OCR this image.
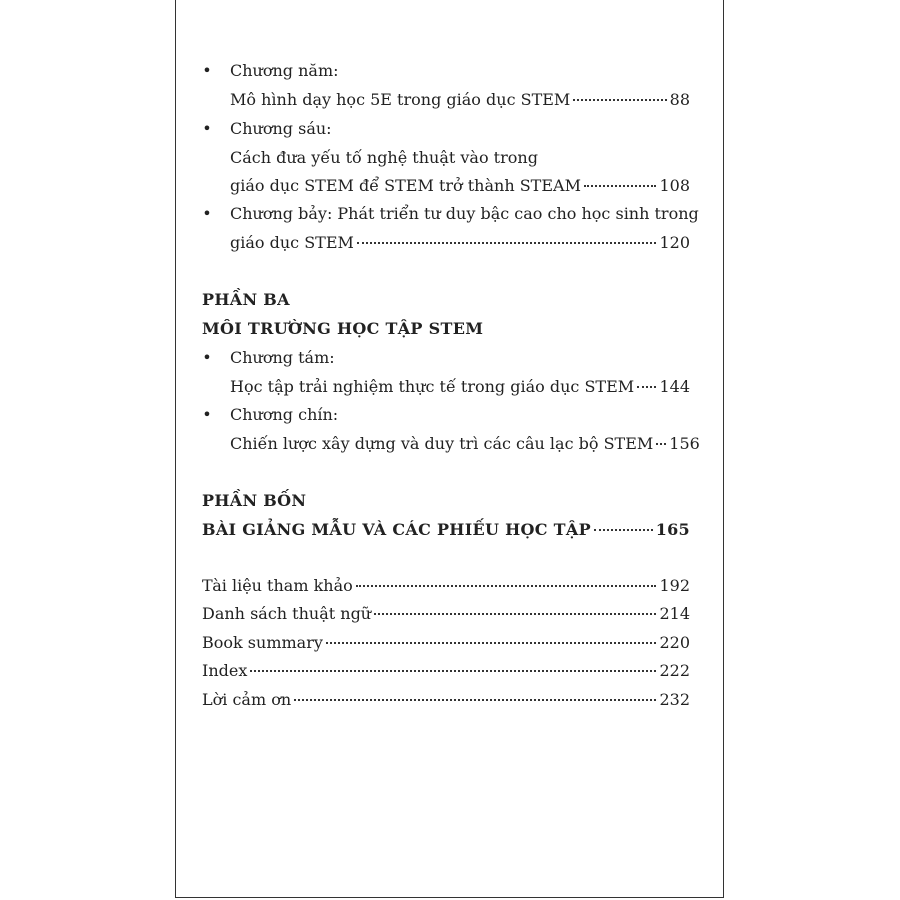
• Chương năm:
Mô hình dạy học 5E trong giáo dục STEM	88
• Chương sáu:
Cách đưa yếu tố nghệ thuật vào trong
giáo dục STEM để STEM trở thành STEAM	108
• Chương bảy: Phát triển tư duy bậc cao cho học sinh trong
giáo dục STEM	120
PHẦN BA
MÔI TRƯỜNG HỌC TẬP STEM
• Chương tám:
Học tập trải nghiệm thực tế trong giáo dục STEM 144
• Chương chín:
Chiến lược xây dựng và duy trì các câu lạc bộ STEM 156
PHẦN BỐN
BÀI GIẢNG MẪU VÀ CÁC PHIẾU HỌC TẬP	165
Tài liệu tham khảo	192
Danh sách thuật ngữ	214
Book summary	220
Index	222
Lời cảm ơn	232
